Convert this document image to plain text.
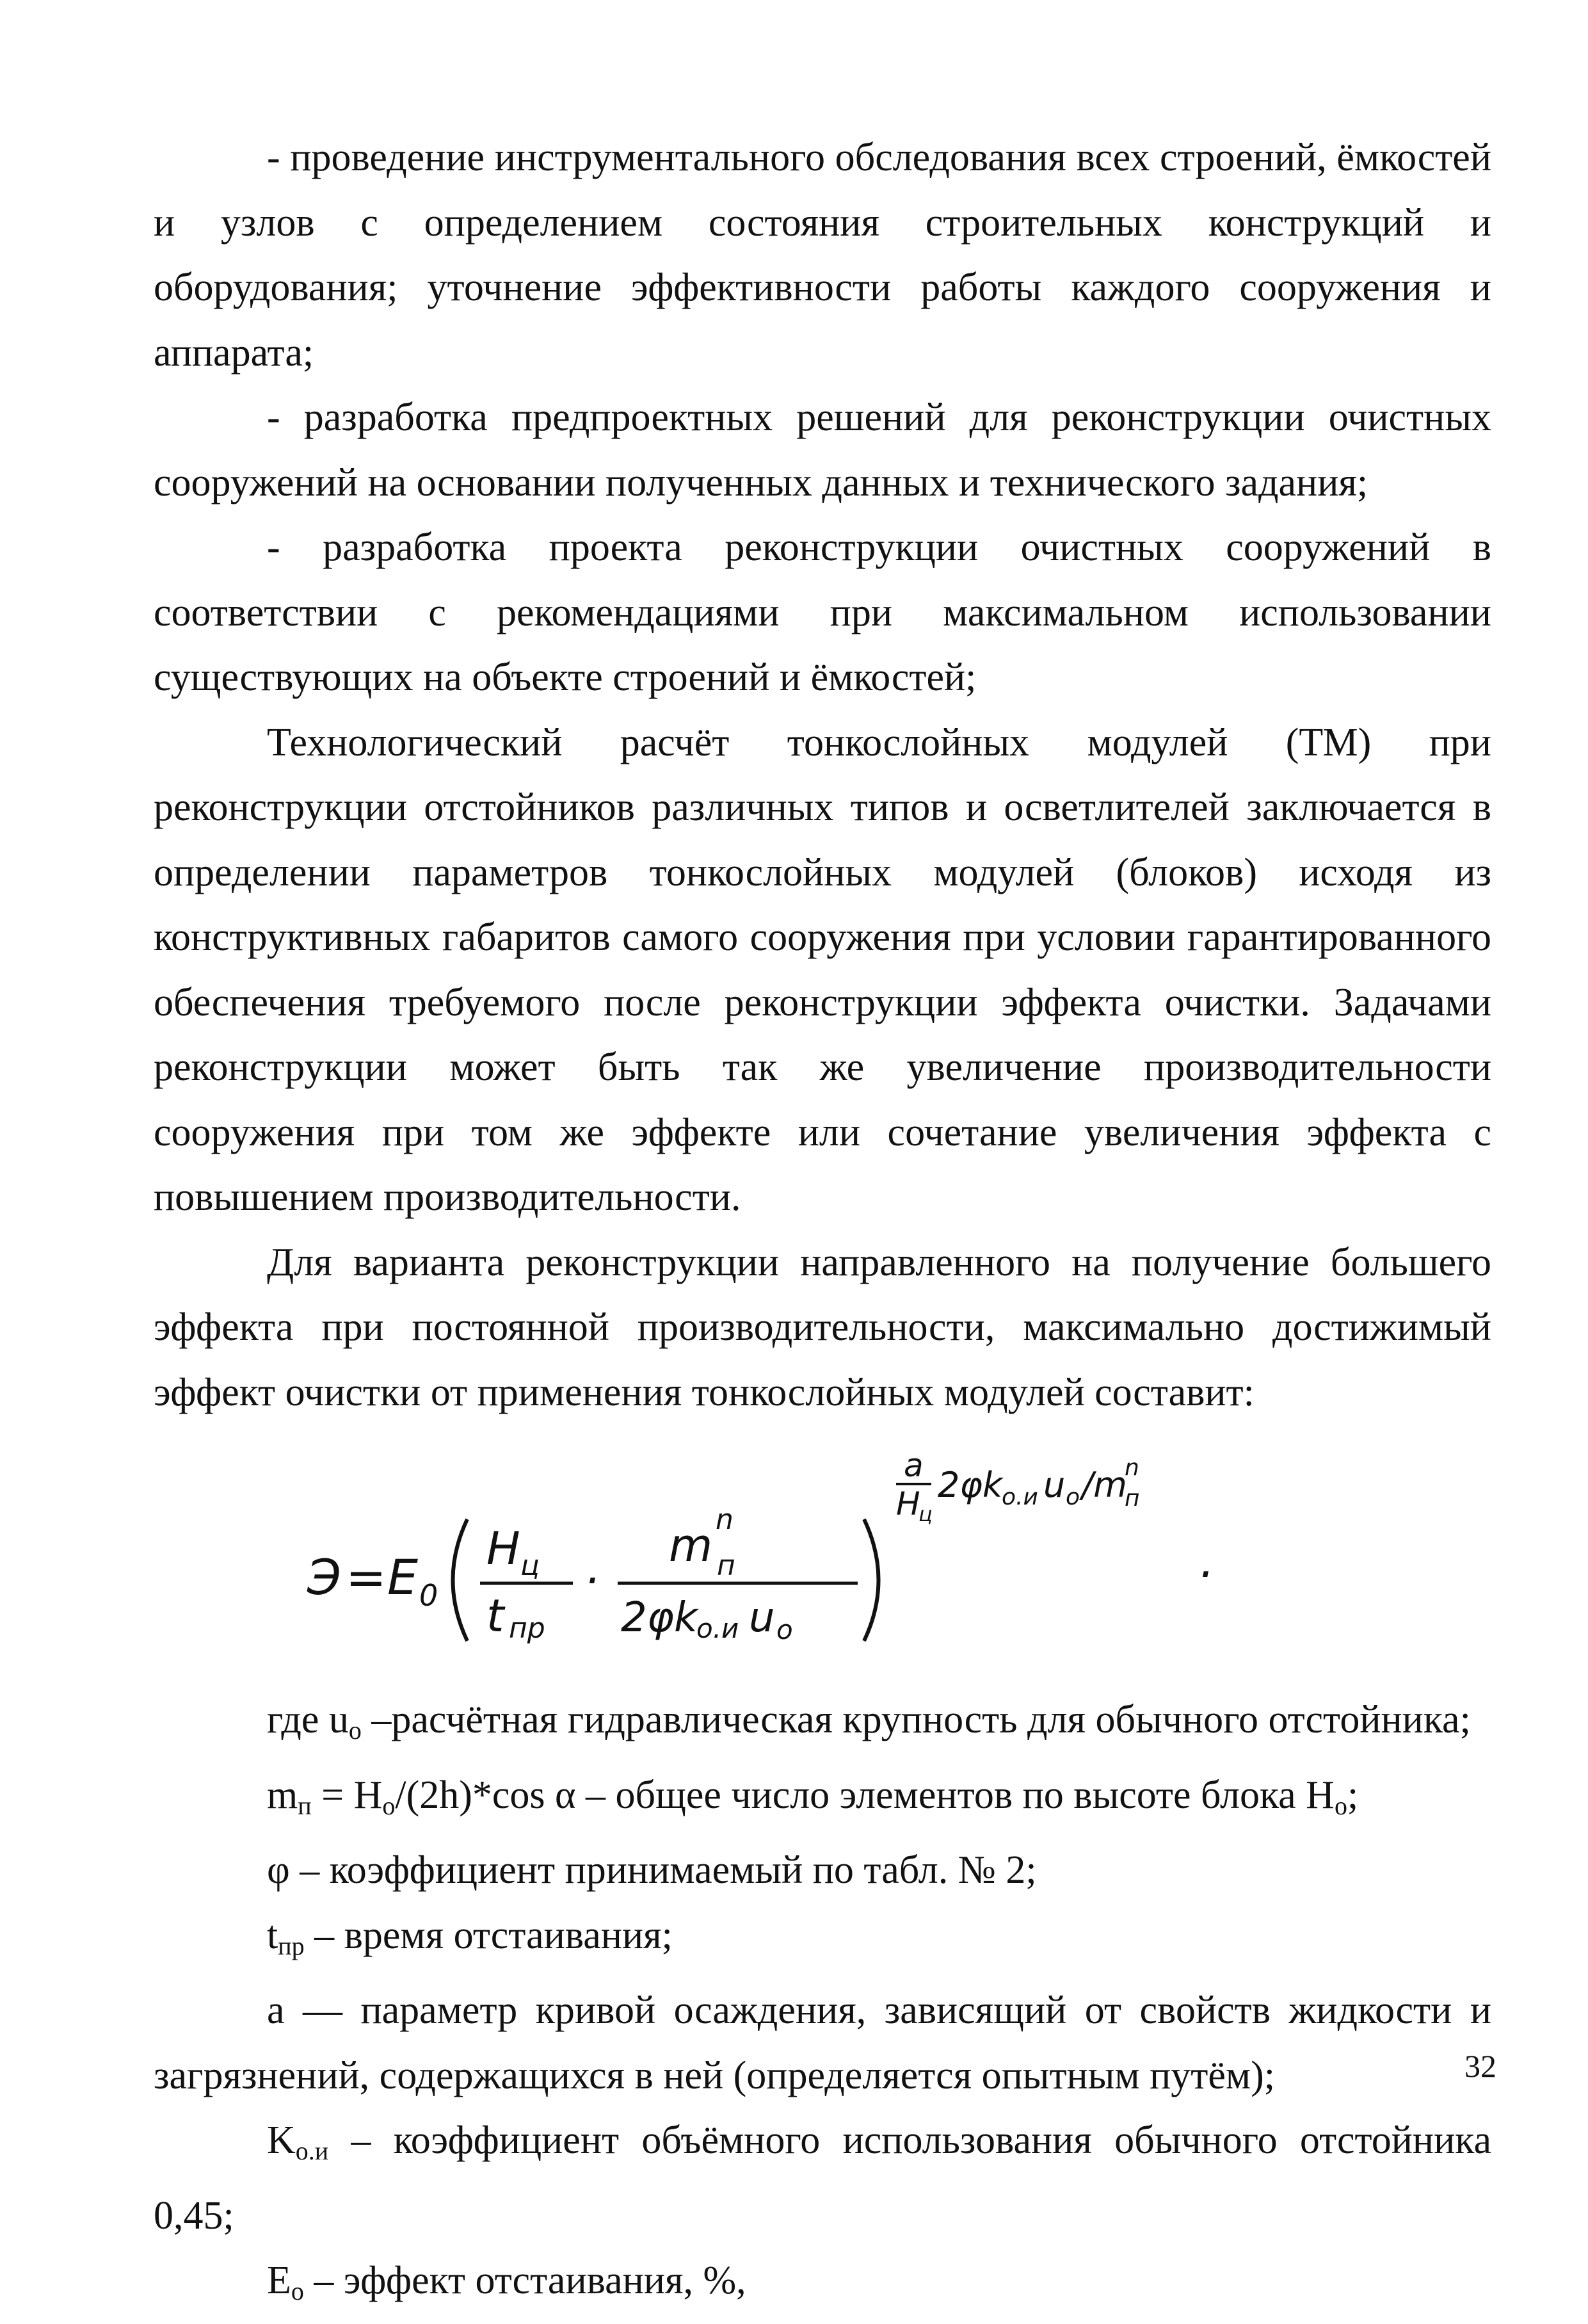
- проведение инструментального обследования всех строений, ёмкостей и узлов с определением состояния строительных конструкций и оборудования; уточнение эффективности работы каждого сооружения и аппарата;

- разработка предпроектных решений для реконструкции очистных сооружений на основании полученных данных и технического задания;

- разработка проекта реконструкции очистных сооружений в соответствии с рекомендациями при максимальном использовании существующих на объекте строений и ёмкостей;

Технологический расчёт тонкослойных модулей (ТМ) при реконструкции отстойников различных типов и осветлителей заключается в определении параметров тонкослойных модулей (блоков) исходя из конструктивных габаритов самого сооружения при условии гарантированного обеспечения требуемого после реконструкции эффекта очистки. Задачами реконструкции может быть так же увеличение производительности сооружения при том же эффекте или сочетание увеличения эффекта с повышением производительности.

Для варианта реконструкции направленного на получение большего эффекта при постоянной производительности, максимально достижимый эффект очистки от применения тонкослойных модулей составит:

Э = E 0
H ц
t пр
·
m п
n
2φk
о.и u о
a
H
ц
2φk
о.и u о /m
п
n
.

где $u_о$ –расчётная гидравлическая крупность для обычного отстойника;

$m_п = H_о/(2h)*\cos$ α – общее число элементов по высоте блока $H_о$;

φ – коэффициент принимаемый по табл. № 2;

$t_{пр}$ – время отстаивания;

a — параметр кривой осаждения, зависящий от свойств жидкости и загрязнений, содержащихся в ней (определяется опытным путём);

$K_{о.и}$ – коэффициент объёмного использования обычного отстойника 0,45;

$E_о$ – эффект отстаивания, %,

32
